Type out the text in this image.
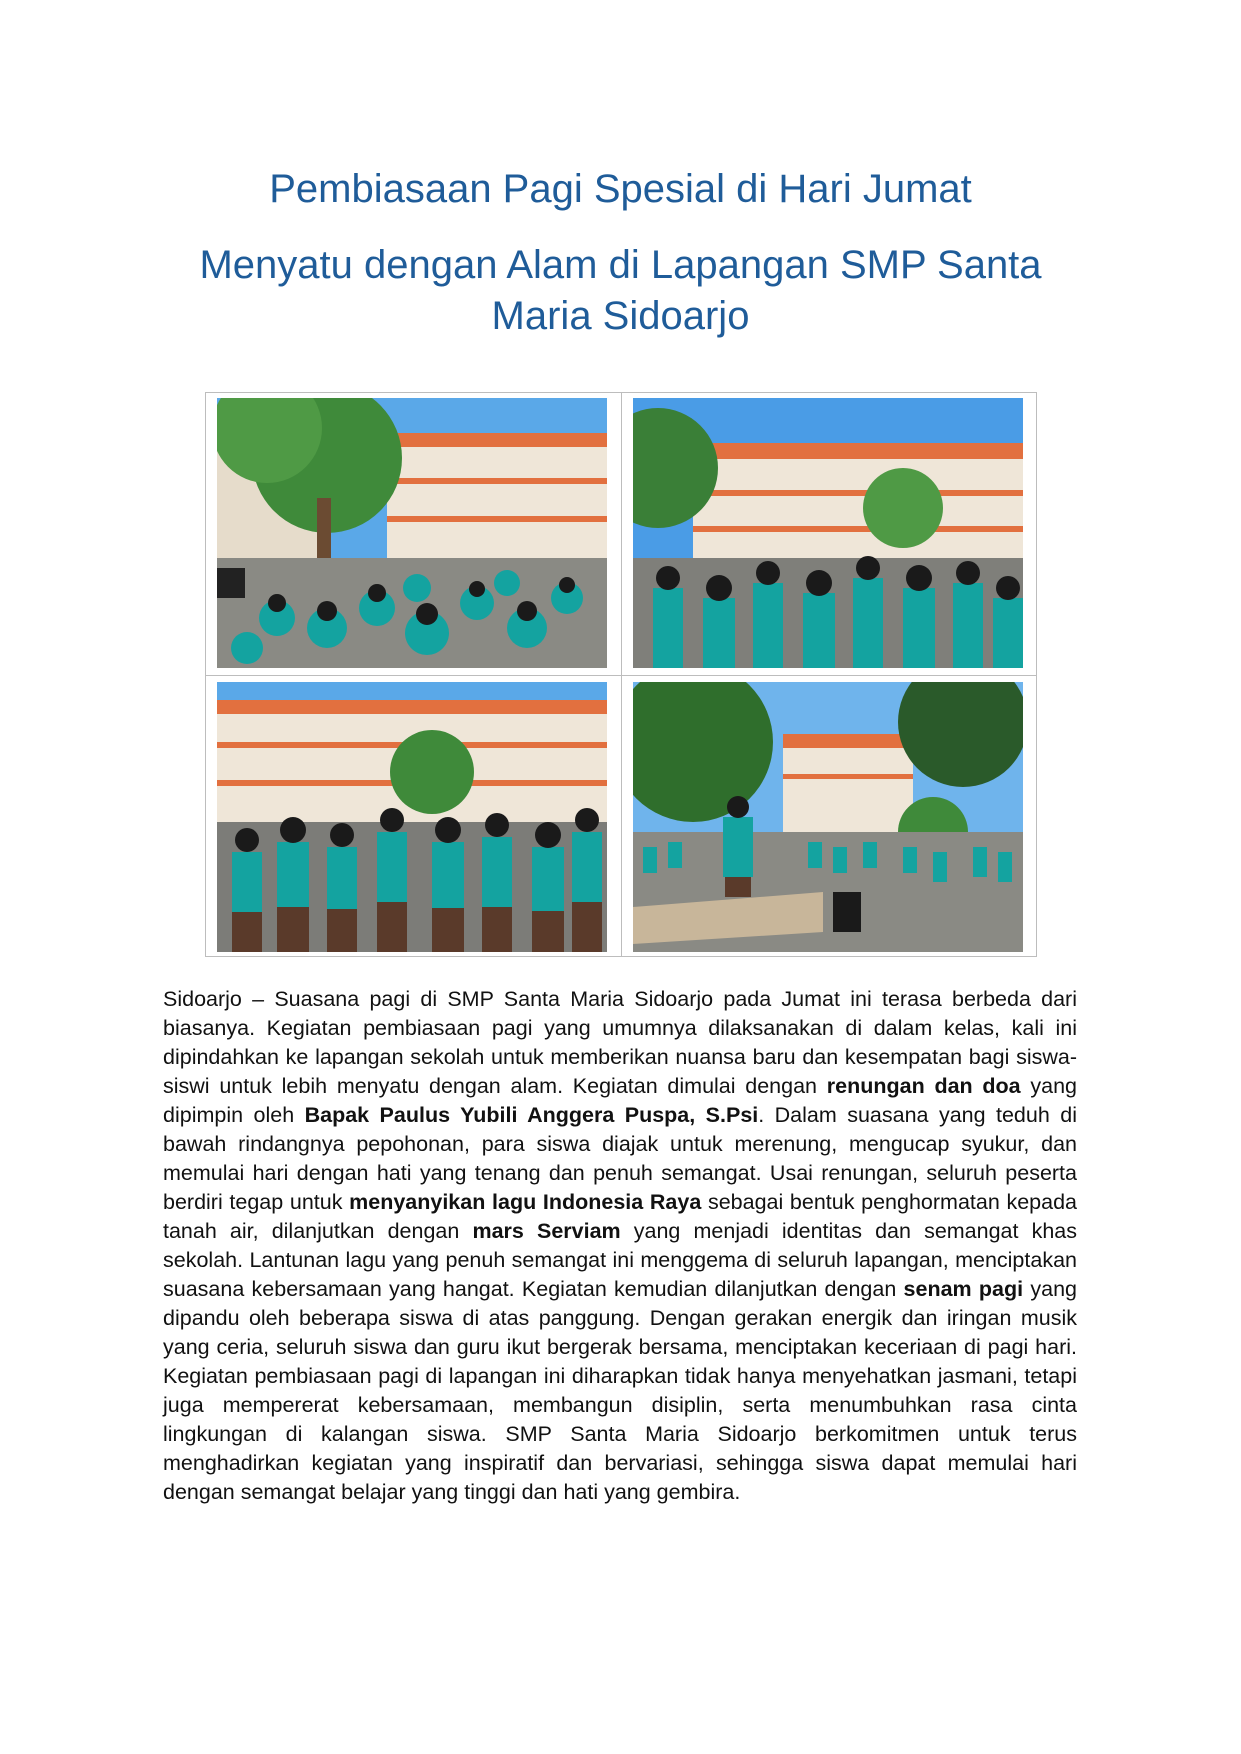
Pembiasaan Pagi Spesial di Hari Jumat
Menyatu dengan Alam di Lapangan SMP Santa Maria Sidoarjo

Sidoarjo – Suasana pagi di SMP Santa Maria Sidoarjo pada Jumat ini terasa berbeda dari biasanya. Kegiatan pembiasaan pagi yang umumnya dilaksanakan di dalam kelas, kali ini dipindahkan ke lapangan sekolah untuk memberikan nuansa baru dan kesempatan bagi siswa-siswi untuk lebih menyatu dengan alam. Kegiatan dimulai dengan renungan dan doa yang dipimpin oleh Bapak Paulus Yubili Anggera Puspa, S.Psi. Dalam suasana yang teduh di bawah rindangnya pepohonan, para siswa diajak untuk merenung, mengucap syukur, dan memulai hari dengan hati yang tenang dan penuh semangat. Usai renungan, seluruh peserta berdiri tegap untuk menyanyikan lagu Indonesia Raya sebagai bentuk penghormatan kepada tanah air, dilanjutkan dengan mars Serviam yang menjadi identitas dan semangat khas sekolah. Lantunan lagu yang penuh semangat ini menggema di seluruh lapangan, menciptakan suasana kebersamaan yang hangat. Kegiatan kemudian dilanjutkan dengan senam pagi yang dipandu oleh beberapa siswa di atas panggung. Dengan gerakan energik dan iringan musik yang ceria, seluruh siswa dan guru ikut bergerak bersama, menciptakan keceriaan di pagi hari. Kegiatan pembiasaan pagi di lapangan ini diharapkan tidak hanya menyehatkan jasmani, tetapi juga mempererat kebersamaan, membangun disiplin, serta menumbuhkan rasa cinta lingkungan di kalangan siswa. SMP Santa Maria Sidoarjo berkomitmen untuk terus menghadirkan kegiatan yang inspiratif dan bervariasi, sehingga siswa dapat memulai hari dengan semangat belajar yang tinggi dan hati yang gembira.
